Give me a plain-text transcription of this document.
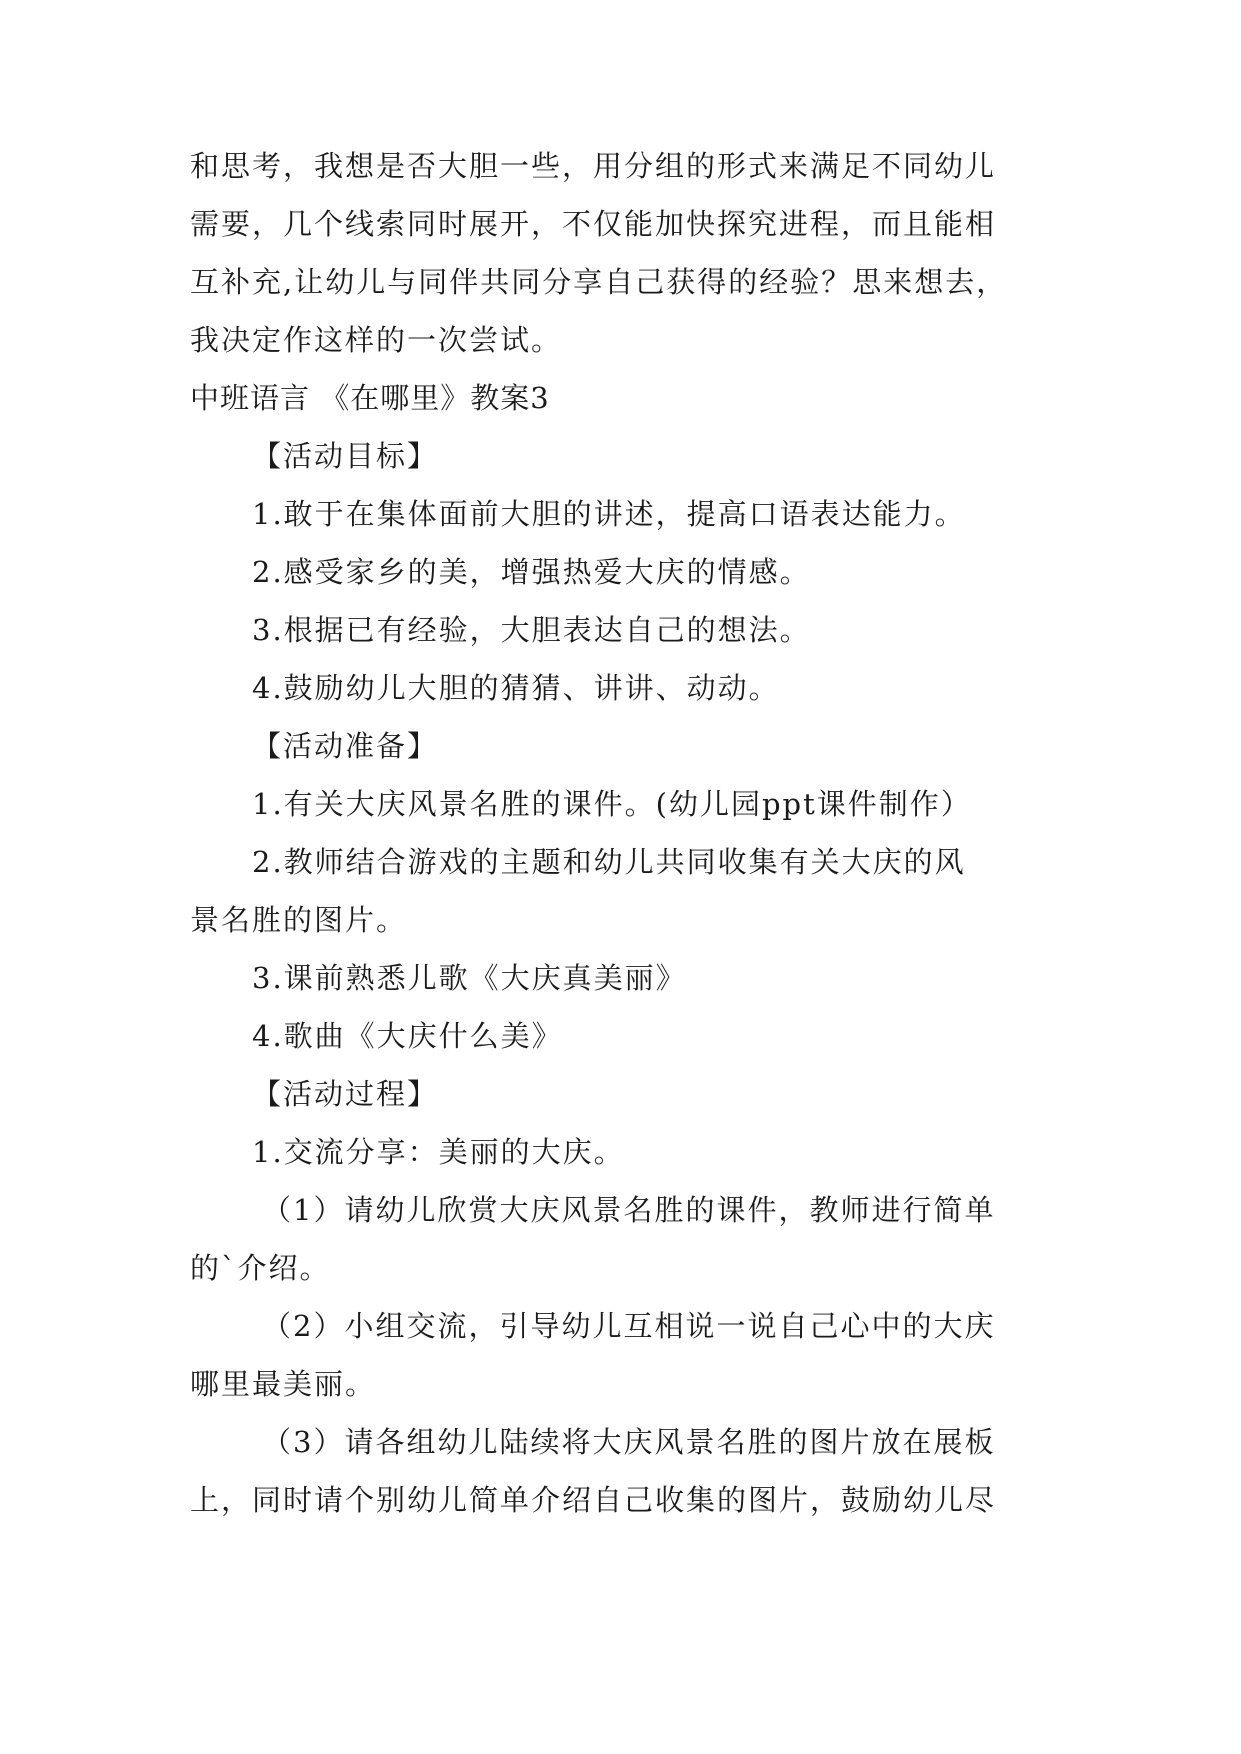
和思考，我想是否大胆一些，用分组的形式来满足不同幼儿
需要，几个线索同时展开，不仅能加快探究进程，而且能相
互补充,让幼儿与同伴共同分享自己获得的经验？思来想去，
我决定作这样的一次尝试。
中班语言 《在哪里》教案3
【活动目标】
1.敢于在集体面前大胆的讲述，提高口语表达能力。
2.感受家乡的美，增强热爱大庆的情感。
3.根据已有经验，大胆表达自己的想法。
4.鼓励幼儿大胆的猜猜、讲讲、动动。
【活动准备】
1.有关大庆风景名胜的课件。(幼儿园ppt课件制作）
2.教师结合游戏的主题和幼儿共同收集有关大庆的风
景名胜的图片。
3.课前熟悉儿歌《大庆真美丽》
4.歌曲《大庆什么美》
【活动过程】
1.交流分享：美丽的大庆。
（1）请幼儿欣赏大庆风景名胜的课件，教师进行简单
的`介绍。
（2）小组交流，引导幼儿互相说一说自己心中的大庆
哪里最美丽。
（3）请各组幼儿陆续将大庆风景名胜的图片放在展板
上，同时请个别幼儿简单介绍自己收集的图片，鼓励幼儿尽
